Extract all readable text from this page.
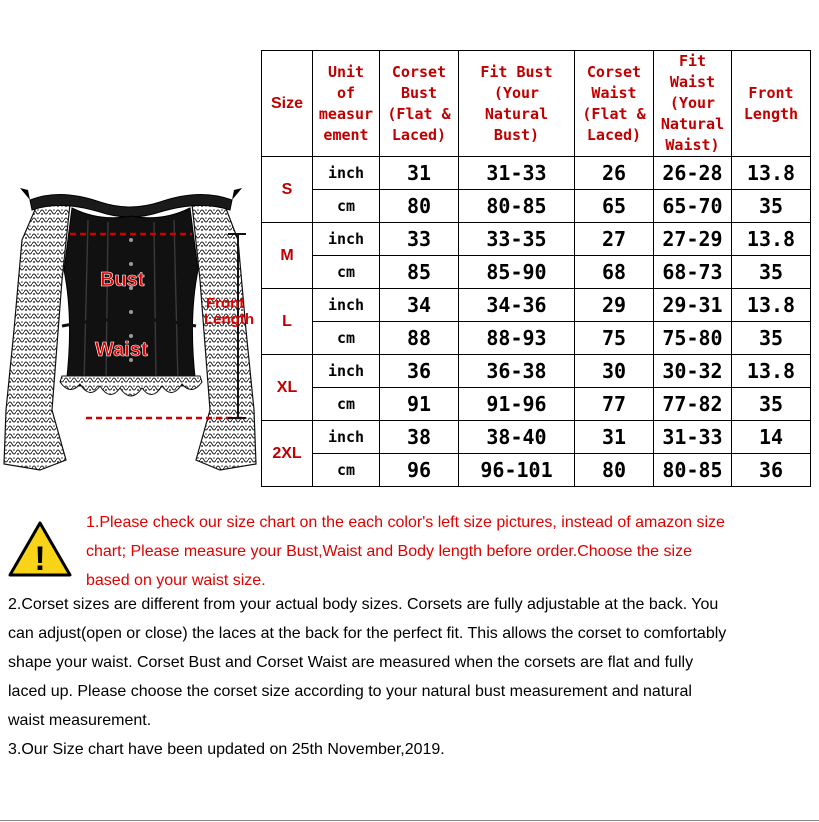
Bust
Waist
Front
Length
Size	Unit
of
measur
ement	Corset
Bust
(Flat &
Laced)	Fit Bust
(Your
Natural
Bust)	Corset
Waist
(Flat &
Laced)	Fit
Waist
(Your
Natural
Waist)	Front
Length
S	inch	31	31-33	26	26-28	13.8
	cm	80	80-85	65	65-70	35
M	inch	33	33-35	27	27-29	13.8
	cm	85	85-90	68	68-73	35
L	inch	34	34-36	29	29-31	13.8
	cm	88	88-93	75	75-80	35
XL	inch	36	36-38	30	30-32	13.8
	cm	91	91-96	77	77-82	35
2XL	inch	38	38-40	31	31-33	14
	cm	96	96-101	80	80-85	36
!
1.Please check our size chart on the each color's left size pictures, instead of amazon size
chart; Please measure your Bust,Waist and Body length before order.Choose the size
based on your waist size.

2.Corset sizes are different from your actual body sizes. Corsets are fully adjustable at the back. You

can adjust(open or close) the laces at the back for the perfect fit. This allows the corset to comfortably

shape your waist. Corset Bust and Corset Waist are measured when the corsets are flat and fully

laced up. Please choose the corset size according to your natural bust measurement and natural

waist measurement.

3.Our Size chart have been updated on 25th November,2019.
